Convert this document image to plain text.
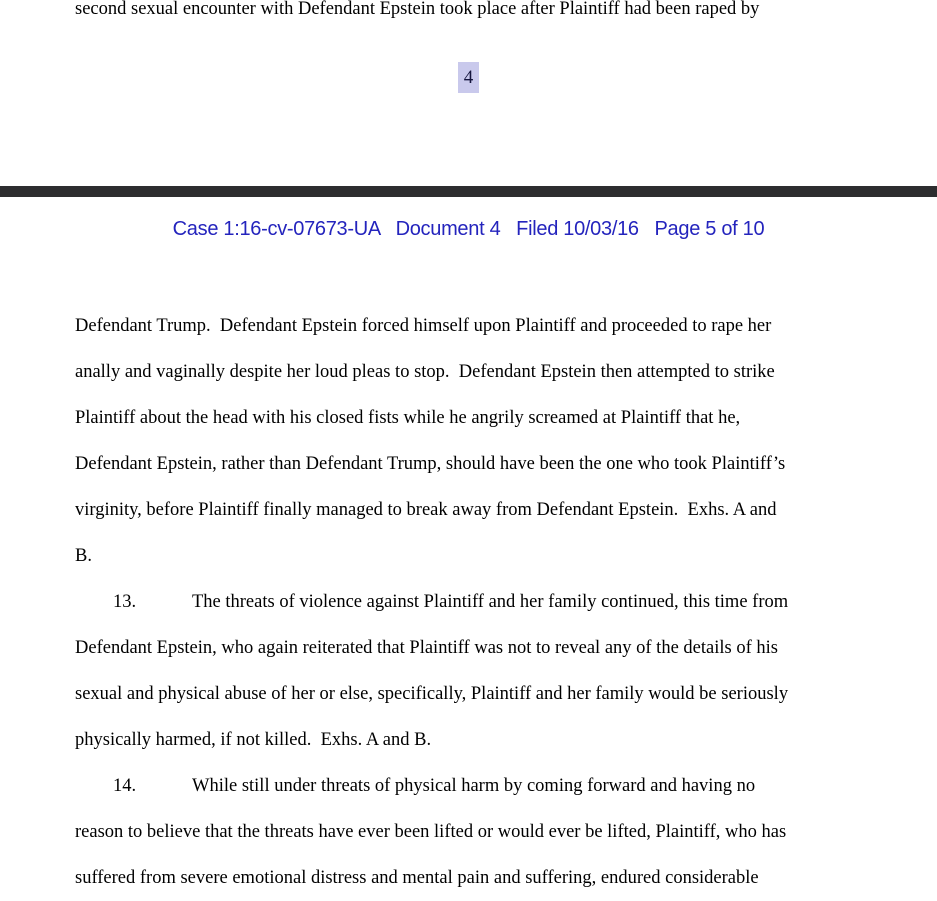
second sexual encounter with Defendant Epstein took place after Plaintiff had been raped by
4
Case 1:16-cv-07673-UA   Document 4   Filed 10/03/16   Page 5 of 10
Defendant Trump.  Defendant Epstein forced himself upon Plaintiff and proceeded to rape her
anally and vaginally despite her loud pleas to stop.  Defendant Epstein then attempted to strike
Plaintiff about the head with his closed fists while he angrily screamed at Plaintiff that he,
Defendant Epstein, rather than Defendant Trump, should have been the one who took Plaintiff’s
virginity, before Plaintiff finally managed to break away from Defendant Epstein.  Exhs. A and
B.
13.	The threats of violence against Plaintiff and her family continued, this time from
Defendant Epstein, who again reiterated that Plaintiff was not to reveal any of the details of his
sexual and physical abuse of her or else, specifically, Plaintiff and her family would be seriously
physically harmed, if not killed.  Exhs. A and B.
14.	While still under threats of physical harm by coming forward and having no
reason to believe that the threats have ever been lifted or would ever be lifted, Plaintiff, who has
suffered from severe emotional distress and mental pain and suffering, endured considerable
